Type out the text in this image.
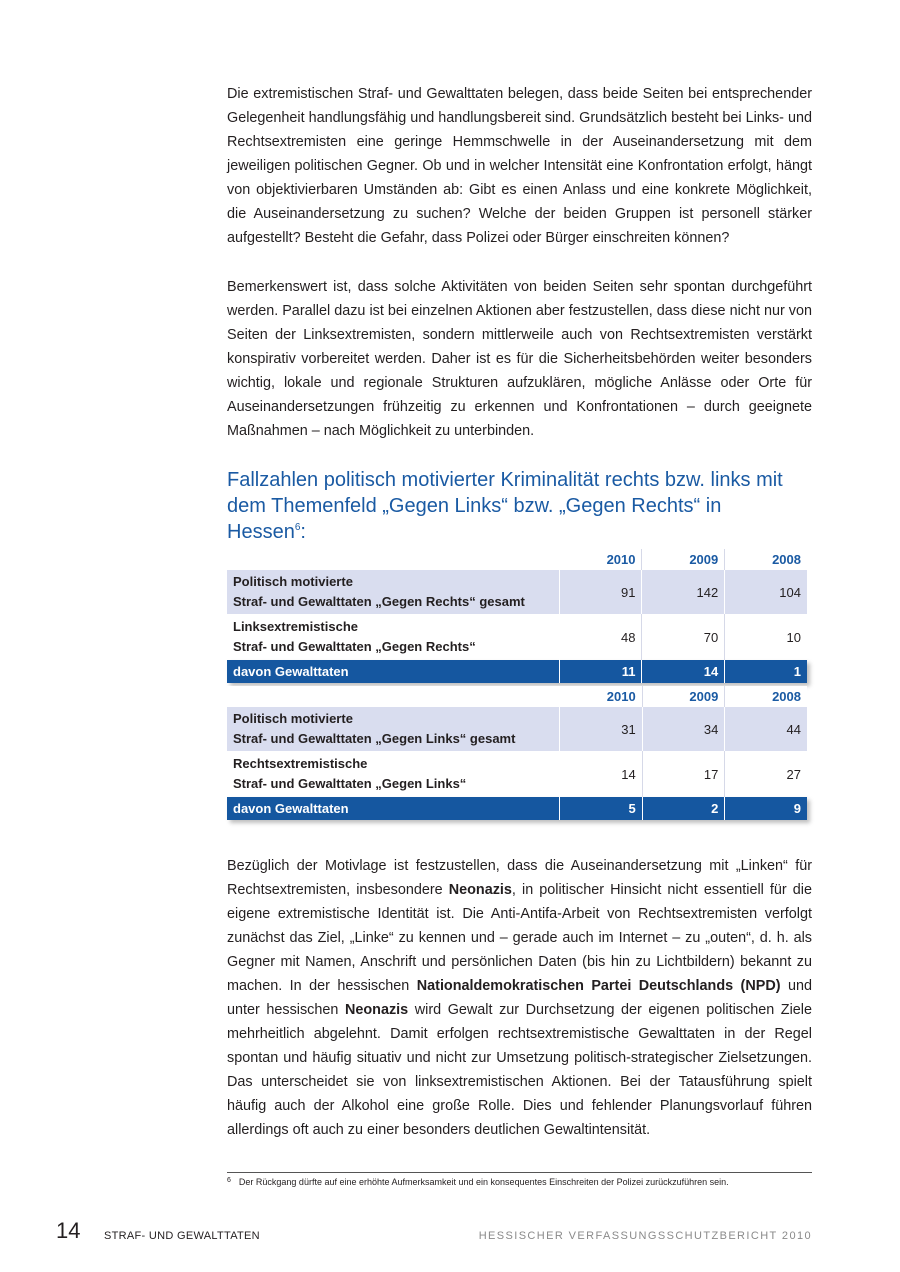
Die extremistischen Straf- und Gewalttaten belegen, dass beide Seiten bei entsprechender Gelegenheit handlungsfähig und handlungsbereit sind. Grundsätzlich besteht bei Links- und Rechtsextremisten eine geringe Hemmschwelle in der Auseinandersetzung mit dem jeweiligen politischen Gegner. Ob und in welcher Intensität eine Konfrontation erfolgt, hängt von objektivierbaren Umständen ab: Gibt es einen Anlass und eine konkrete Möglichkeit, die Auseinandersetzung zu suchen? Welche der beiden Gruppen ist personell stärker aufgestellt? Besteht die Gefahr, dass Polizei oder Bürger einschreiten können?

Bemerkenswert ist, dass solche Aktivitäten von beiden Seiten sehr spontan durchgeführt werden. Parallel dazu ist bei einzelnen Aktionen aber festzustellen, dass diese nicht nur von Seiten der Linksextremisten, sondern mittlerweile auch von Rechtsextremisten verstärkt konspirativ vorbereitet werden. Daher ist es für die Sicherheitsbehörden weiter besonders wichtig, lokale und regionale Strukturen aufzuklären, mögliche Anlässe oder Orte für Auseinandersetzungen frühzeitig zu erkennen und Konfrontationen – durch geeignete Maßnahmen – nach Möglichkeit zu unterbinden.

Fallzahlen politisch motivierter Kriminalität rechts bzw. links mit dem Themenfeld „Gegen Links“ bzw. „Gegen Rechts“ in Hessen$^6$:
	2010	2009	2008

Politisch motivierte
Straf- und Gewalttaten „Gegen Rechts“ gesamt	91	142	104

Linksextremistische
Straf- und Gewalttaten „Gegen Rechts“	48	70	10
davon Gewalttaten	11	14	1
	2010	2009	2008

Politisch motivierte
Straf- und Gewalttaten „Gegen Links“ gesamt	31	34	44

Rechtsextremistische
Straf- und Gewalttaten „Gegen Links“	14	17	27
davon Gewalttaten	5	2	9

Bezüglich der Motivlage ist festzustellen, dass die Auseinandersetzung mit „Linken“ für Rechtsextremisten, insbesondere Neonazis, in politischer Hinsicht nicht essentiell für die eigene extremistische Identität ist. Die Anti-Antifa-Arbeit von Rechtsextremisten verfolgt zunächst das Ziel, „Linke“ zu kennen und – gerade auch im Internet – zu „outen“, d. h. als Gegner mit Namen, Anschrift und persönlichen Daten (bis hin zu Lichtbildern) bekannt zu machen. In der hessischen Nationaldemokratischen Partei Deutschlands (NPD) und unter hessischen Neonazis wird Gewalt zur Durchsetzung der eigenen politischen Ziele mehrheitlich abgelehnt. Damit erfolgen rechtsextremistische Gewalttaten in der Regel spontan und häufig situativ und nicht zur Umsetzung politisch-strategischer Zielsetzungen. Das unterscheidet sie von linksextremistischen Aktionen. Bei der Tatausführung spielt häufig auch der Alkohol eine große Rolle. Dies und fehlender Planungsvorlauf führen allerdings oft auch zu einer besonders deutlichen Gewaltintensität.

$^6$ Der Rückgang dürfte auf eine erhöhte Aufmerksamkeit und ein konsequentes Einschreiten der Polizei zurückzuführen sein.

14 STRAF- UND GEWALTTATEN	HESSISCHER VERFASSUNGSSCHUTZBERICHT 2010
